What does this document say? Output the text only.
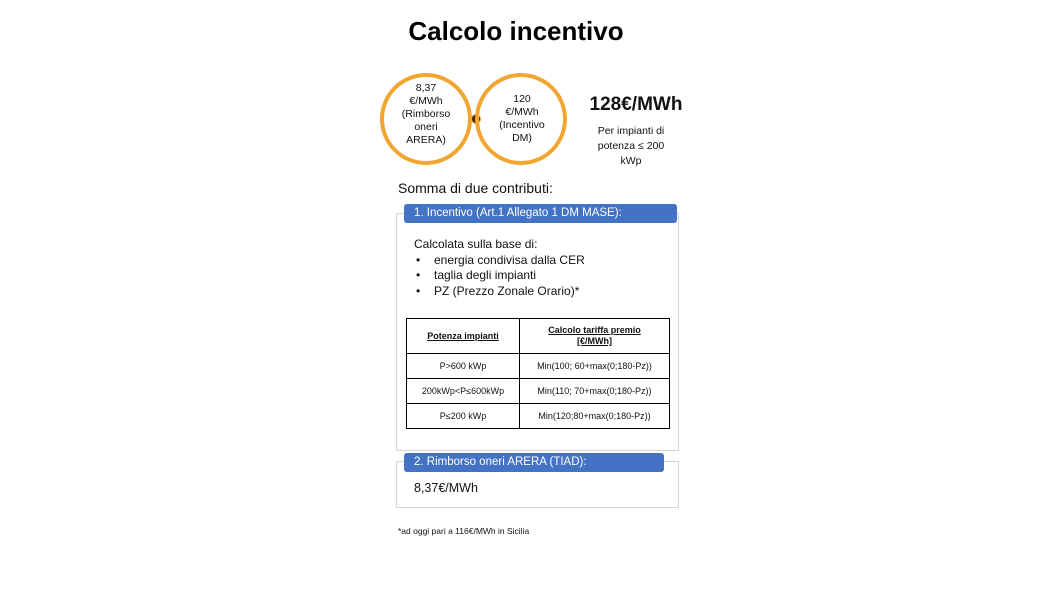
Calcolo incentivo
8,37
€/MWh
(Rimborso
oneri
ARERA)
120
€/MWh
(Incentivo
DM)
128€/MWh
Per impianti di
potenza ≤ 200
kWp
Somma di due contributi:
1. Incentivo (Art.1 Allegato 1 DM MASE):
Calcolata sulla base di:
• energia condivisa dalla CER
• taglia degli impianti
• PZ (Prezzo Zonale Orario)*
Potenza impianti	Calcolo tariffa premio
[€/MWh]

P>600 kWp	Min(100; 60+max(0;180-Pz))
200kWp<P≤600kWp	Min(110; 70+max(0;180-Pz))
P≤200 kWp	Min(120;80+max(0;180-Pz))
2. Rimborso oneri ARERA (TIAD):
8,37€/MWh
*ad oggi pari a 116€/MWh in Sicilia
